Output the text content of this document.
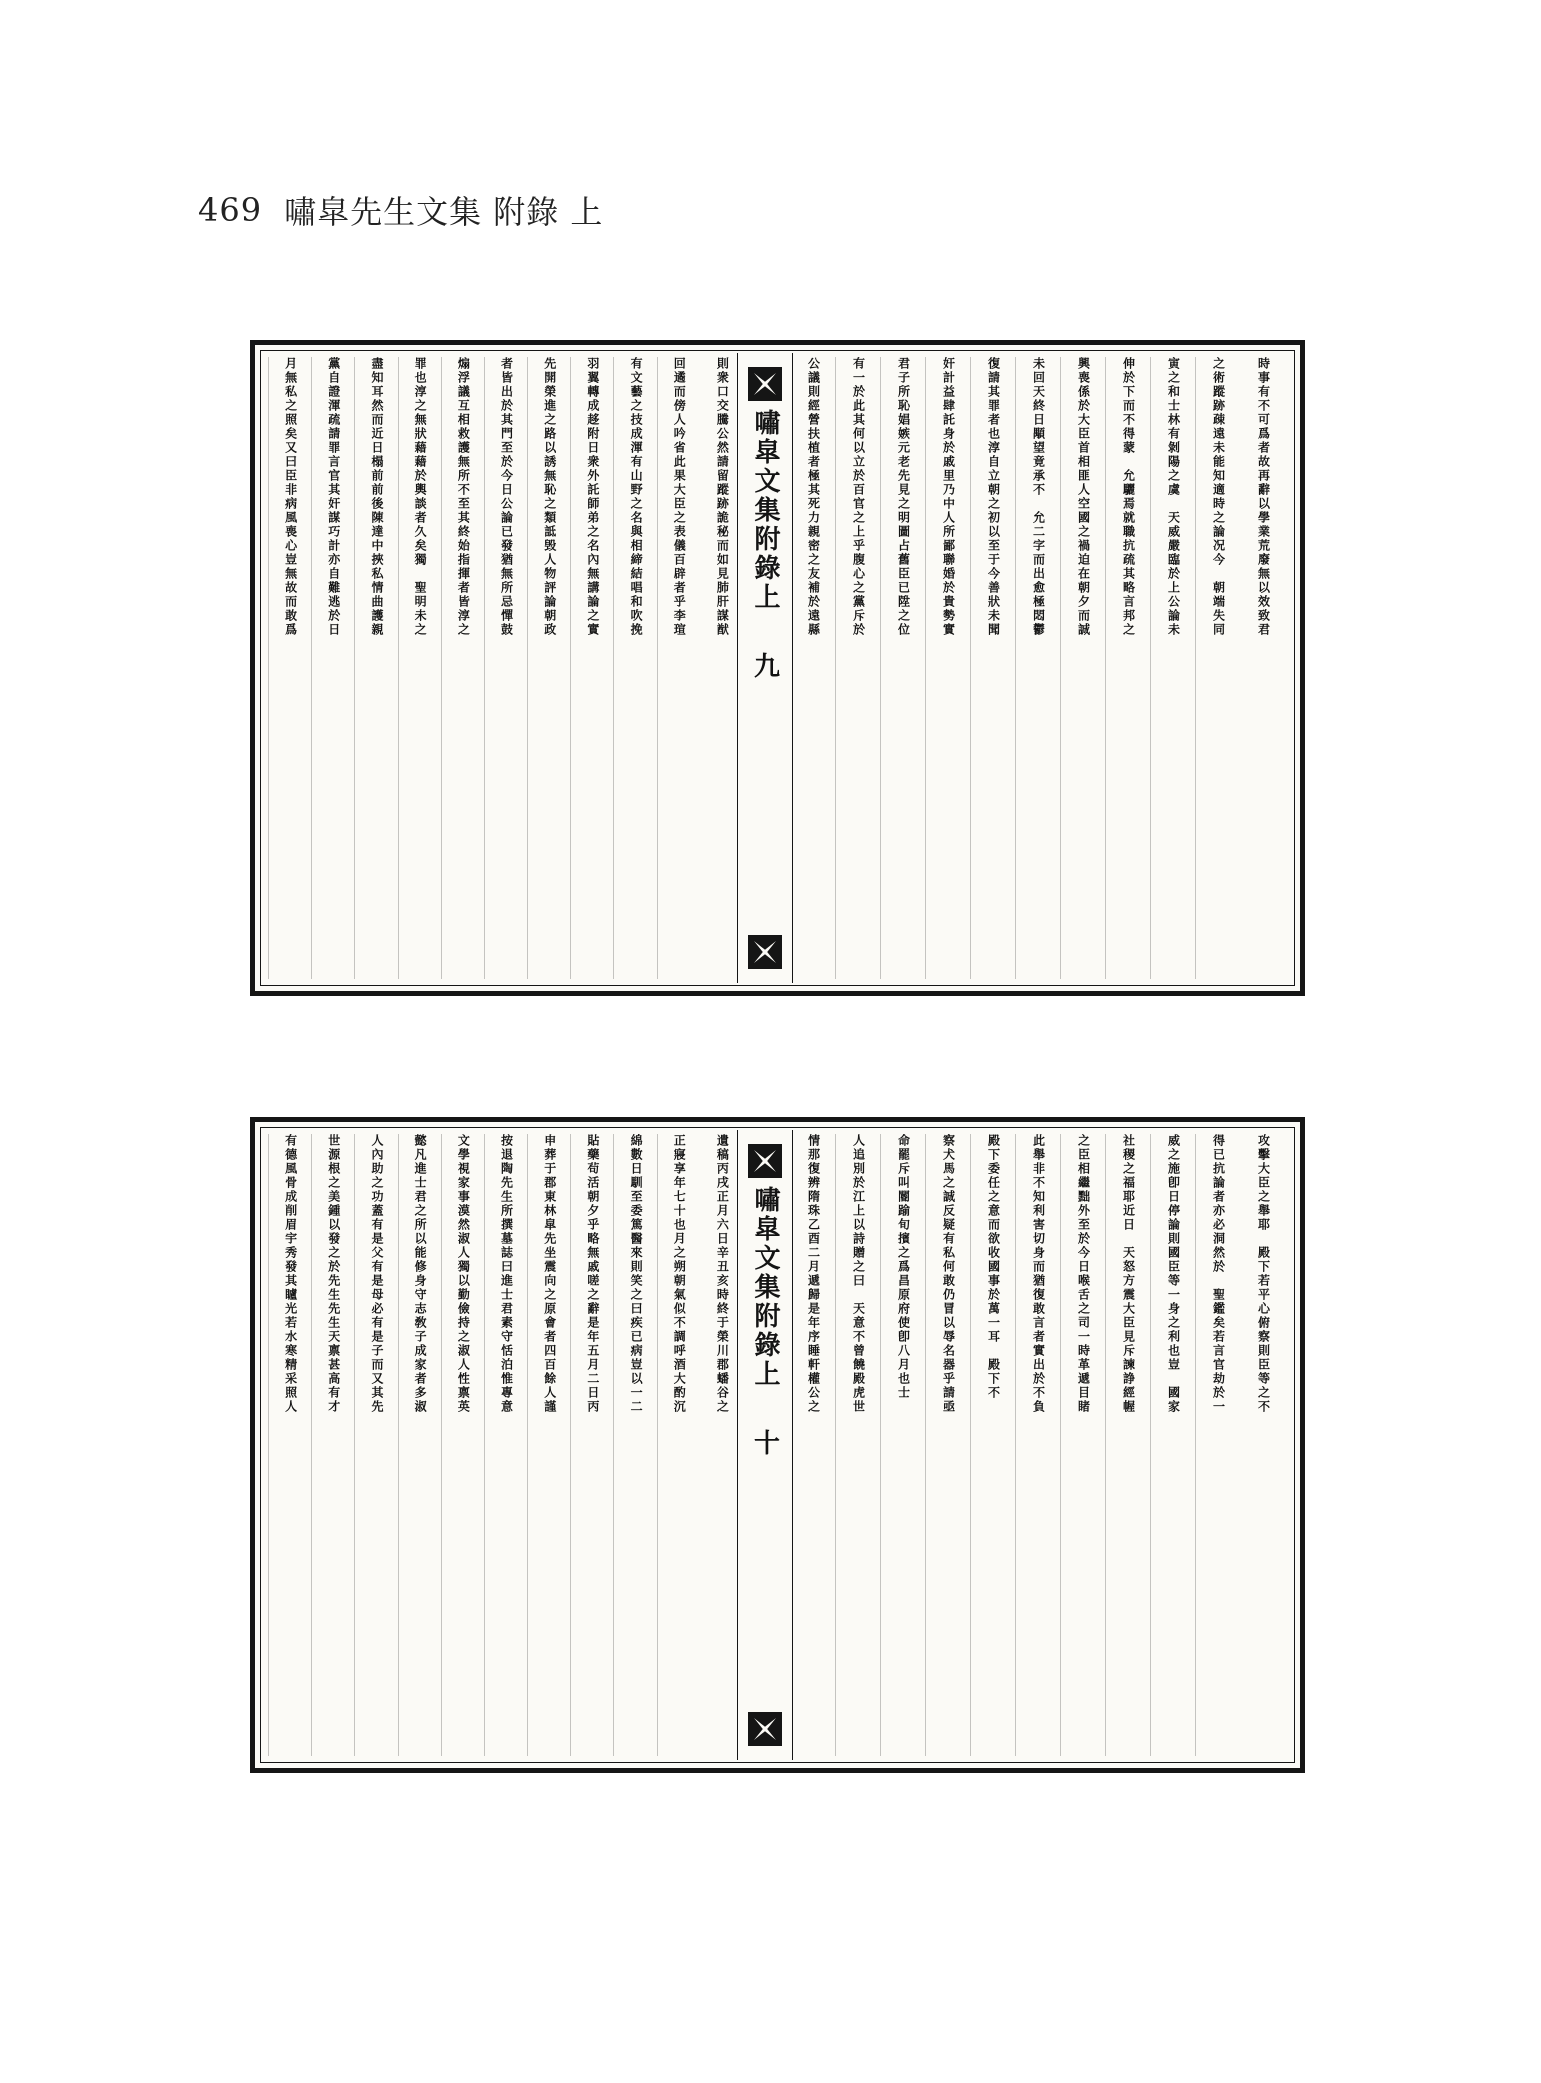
469 嘯皐先生文集 附錄 上
時事有不可爲者故再辭以學業荒廢無以效致君
之術蹤跡疎遠未能知適時之論况今　朝端失同
寅之和士林有剝陽之虞　天威嚴臨於上公論未
伸於下而不得蒙　允驪焉就職抗疏其略言邦之
興喪係於大臣首相匪人空國之禍迫在朝夕而誠
未回天終日顒望竟承不　允二字而出愈極悶鬱
復請其罪者也淳自立朝之初以至于今善狀未聞
奸計益肆託身於戚里乃中人所鄙聯婚於貴勢實
君子所恥娼嫉元老先見之明圖占舊臣已陞之位
有一於此其何以立於百官之上乎腹心之黨斥於
公議則經營扶植者極其死力親密之友補於遠縣
嘯皐文集附錄上
九
則衆口交騰公然請留蹤跡詭秘而如見肺肝謀猷
回遹而傍人吟省此果大臣之表儀百辟者乎李瑄
有文藝之技成渾有山野之名與相締結唱和吹挽
羽翼轉成趍附日衆外託師弟之名內無講論之實
先開榮進之路以誘無恥之類詆毁人物評論朝政
者皆出於其門至於今日公論已發猶無所忌憚鼓
煽浮議互相救護無所不至其終始指揮者皆淳之
罪也淳之無狀藉藉於輿談者久矣獨　聖明未之
盡知耳然而近日榻前前後陳達中挾私情曲護親
黨自證渾疏請罪言官其奸謀巧計亦自難逃於日
月無私之照矣又曰臣非病風喪心豈無故而敢爲
攻擊大臣之舉耶　殿下若平心俯察則臣等之不
得已抗論者亦必洞然於　聖鑑矣若言官劫於一
威之施卽日停論則國臣等一身之利也豈　國家
社稷之福耶近日　天怒方震大臣見斥諫諍經幄
之臣相繼黜外至於今日喉舌之司一時革遞目睹
此舉非不知利害切身而猶復敢言者實出於不負
殿下委任之意而欲收國事於萬一耳　殿下不
察犬馬之誠反疑有私何敢仍冒以辱名器乎請亟
命罷斥叫閽踰旬擯之爲昌原府使卽八月也士
人追別於江上以詩贈之曰　天意不曾饒殿虎世
情那復辨隋珠乙酉二月遞歸是年序睡軒權公之
嘯皐文集附錄上
十
遺稿丙戌正月六日辛丑亥時終于榮川郡蟠谷之
正寢享年七十也月之朔朝氣似不調呼酒大酌沉
綿數日馴至委篤醫來則笑之曰疾已病豈以一二
貼藥茍活朝夕乎略無戚嗟之辭是年五月二日丙
申葬于郡東林皐先坐震向之原會者四百餘人謹
按退陶先生所撰墓誌曰進士君素守恬泊惟專意
文學視家事漠然淑人獨以勤儉持之淑人性禀英
懿凡進士君之所以能修身守志敎子成家者多淑
人內助之功蓋有是父有是母必有是子而又其先
世源根之美鍾以發之於先生先生天禀甚高有才
有德風骨成削眉宇秀發其矑光若水寒精采照人
